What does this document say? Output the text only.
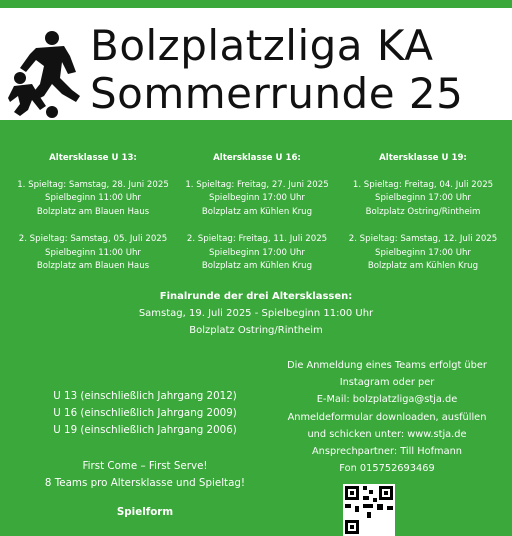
Bolzplatzliga KA
Sommerrunde 25
Altersklasse U 13:
1. Spieltag: Samstag, 28. Juni 2025
Spielbeginn 11:00 Uhr
Bolzplatz am Blauen Haus
2. Spieltag: Samstag, 05. Juli 2025
Spielbeginn 11:00 Uhr
Bolzplatz am Blauen Haus
Altersklasse U 16:
1. Spieltag: Freitag, 27. Juni 2025
Spielbeginn 17:00 Uhr
Bolzplatz am Kühlen Krug
2. Spieltag: Freitag, 11. Juli 2025
Spielbeginn 17:00 Uhr
Bolzplatz am Kühlen Krug
Altersklasse U 19:
1. Spieltag: Freitag, 04. Juli 2025
Spielbeginn 17:00 Uhr
Bolzplatz Ostring/Rintheim
2. Spieltag: Samstag, 12. Juli 2025
Spielbeginn 17:00 Uhr
Bolzplatz am Kühlen Krug
Finalrunde der drei Altersklassen:
Samstag, 19. Juli 2025 - Spielbeginn 11:00 Uhr
Bolzplatz Ostring/Rintheim
U 13 (einschließlich Jahrgang 2012)
U 16 (einschließlich Jahrgang 2009)
U 19 (einschließlich Jahrgang 2006)
First Come – First Serve!
8 Teams pro Altersklasse und Spieltag!
Spielform
Die Anmeldung eines Teams erfolgt über
Instagram oder per
E-Mail: bolzplatzliga@stja.de
Anmeldeformular downloaden, ausfüllen
und schicken unter: www.stja.de
Ansprechpartner: Till Hofmann
Fon 015752693469
